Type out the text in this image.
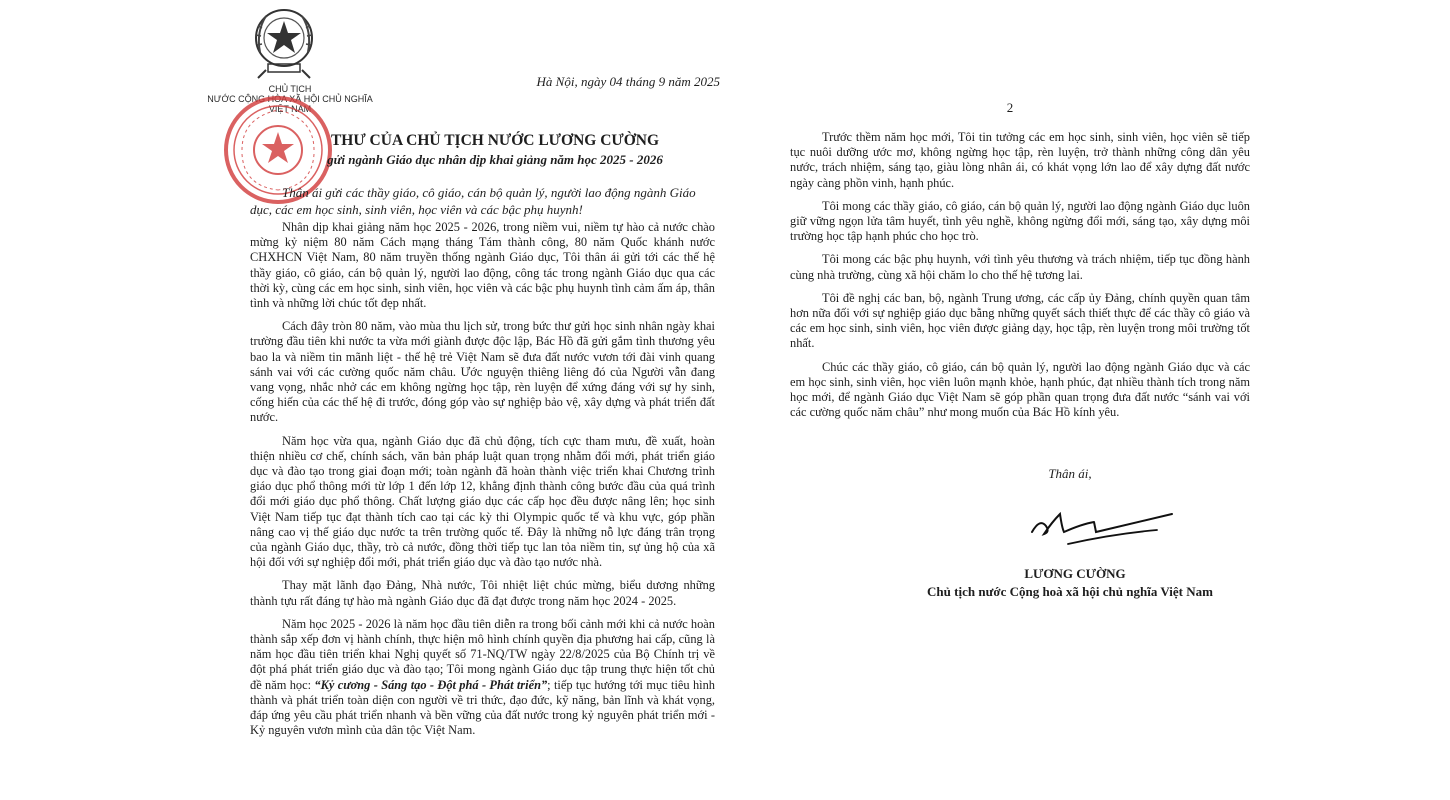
CHỦ TỊCH
NƯỚC CỘNG HÒA XÃ HỘI CHỦ NGHĨA
VIỆT NAM
Hà Nội, ngày 04 tháng 9 năm 2025
THƯ CỦA CHỦ TỊCH NƯỚC LƯƠNG CƯỜNG
gửi ngành Giáo dục nhân dịp khai giảng năm học 2025 - 2026

Thân ái gửi các thầy giáo, cô giáo, cán bộ quản lý, người lao động ngành Giáo dục, các em học sinh, sinh viên, học viên và các bậc phụ huynh!

Nhân dịp khai giảng năm học 2025 - 2026, trong niềm vui, niềm tự hào cả nước chào mừng kỷ niệm 80 năm Cách mạng tháng Tám thành công, 80 năm Quốc khánh nước CHXHCN Việt Nam, 80 năm truyền thống ngành Giáo dục, Tôi thân ái gửi tới các thế hệ thầy giáo, cô giáo, cán bộ quản lý, người lao động, công tác trong ngành Giáo dục qua các thời kỳ, cùng các em học sinh, sinh viên, học viên và các bậc phụ huynh tình cảm ấm áp, thân tình và những lời chúc tốt đẹp nhất.

Cách đây tròn 80 năm, vào mùa thu lịch sử, trong bức thư gửi học sinh nhân ngày khai trường đầu tiên khi nước ta vừa mới giành được độc lập, Bác Hồ đã gửi gắm tình thương yêu bao la và niềm tin mãnh liệt - thế hệ trẻ Việt Nam sẽ đưa đất nước vươn tới đài vinh quang sánh vai với các cường quốc năm châu. Ước nguyện thiêng liêng đó của Người vẫn đang vang vọng, nhắc nhở các em không ngừng học tập, rèn luyện để xứng đáng với sự hy sinh, cống hiến của các thế hệ đi trước, đóng góp vào sự nghiệp bảo vệ, xây dựng và phát triển đất nước.

Năm học vừa qua, ngành Giáo dục đã chủ động, tích cực tham mưu, đề xuất, hoàn thiện nhiều cơ chế, chính sách, văn bản pháp luật quan trọng nhằm đổi mới, phát triển giáo dục và đào tạo trong giai đoạn mới; toàn ngành đã hoàn thành việc triển khai Chương trình giáo dục phổ thông mới từ lớp 1 đến lớp 12, khẳng định thành công bước đầu của quá trình đổi mới giáo dục phổ thông. Chất lượng giáo dục các cấp học đều được nâng lên; học sinh Việt Nam tiếp tục đạt thành tích cao tại các kỳ thi Olympic quốc tế và khu vực, góp phần nâng cao vị thế giáo dục nước ta trên trường quốc tế. Đây là những nỗ lực đáng trân trọng của ngành Giáo dục, thầy, trò cả nước, đồng thời tiếp tục lan tỏa niềm tin, sự ủng hộ của xã hội đối với sự nghiệp đổi mới, phát triển giáo dục và đào tạo nước nhà.

Thay mặt lãnh đạo Đảng, Nhà nước, Tôi nhiệt liệt chúc mừng, biểu dương những thành tựu rất đáng tự hào mà ngành Giáo dục đã đạt được trong năm học 2024 - 2025.

Năm học 2025 - 2026 là năm học đầu tiên diễn ra trong bối cảnh mới khi cả nước hoàn thành sắp xếp đơn vị hành chính, thực hiện mô hình chính quyền địa phương hai cấp, cũng là năm học đầu tiên triển khai Nghị quyết số 71-NQ/TW ngày 22/8/2025 của Bộ Chính trị về đột phá phát triển giáo dục và đào tạo; Tôi mong ngành Giáo dục tập trung thực hiện tốt chủ đề năm học: “Kỷ cương - Sáng tạo - Đột phá - Phát triển”; tiếp tục hướng tới mục tiêu hình thành và phát triển toàn diện con người về tri thức, đạo đức, kỹ năng, bản lĩnh và khát vọng, đáp ứng yêu cầu phát triển nhanh và bền vững của đất nước trong kỷ nguyên phát triển mới - Kỷ nguyên vươn mình của dân tộc Việt Nam.

2

Trước thềm năm học mới, Tôi tin tưởng các em học sinh, sinh viên, học viên sẽ tiếp tục nuôi dưỡng ước mơ, không ngừng học tập, rèn luyện, trở thành những công dân yêu nước, trách nhiệm, sáng tạo, giàu lòng nhân ái, có khát vọng lớn lao để xây dựng đất nước ngày càng phồn vinh, hạnh phúc.

Tôi mong các thầy giáo, cô giáo, cán bộ quản lý, người lao động ngành Giáo dục luôn giữ vững ngọn lửa tâm huyết, tình yêu nghề, không ngừng đổi mới, sáng tạo, xây dựng môi trường học tập hạnh phúc cho học trò.

Tôi mong các bậc phụ huynh, với tình yêu thương và trách nhiệm, tiếp tục đồng hành cùng nhà trường, cùng xã hội chăm lo cho thế hệ tương lai.

Tôi đề nghị các ban, bộ, ngành Trung ương, các cấp ủy Đảng, chính quyền quan tâm hơn nữa đối với sự nghiệp giáo dục bằng những quyết sách thiết thực để các thầy cô giáo và các em học sinh, sinh viên, học viên được giảng dạy, học tập, rèn luyện trong môi trường tốt nhất.

Chúc các thầy giáo, cô giáo, cán bộ quản lý, người lao động ngành Giáo dục và các em học sinh, sinh viên, học viên luôn mạnh khỏe, hạnh phúc, đạt nhiều thành tích trong năm học mới, để ngành Giáo dục Việt Nam sẽ góp phần quan trọng đưa đất nước “sánh vai với các cường quốc năm châu” như mong muốn của Bác Hồ kính yêu.

Thân ái,
LƯƠNG CƯỜNG
Chủ tịch nước Cộng hoà xã hội chủ nghĩa Việt Nam
